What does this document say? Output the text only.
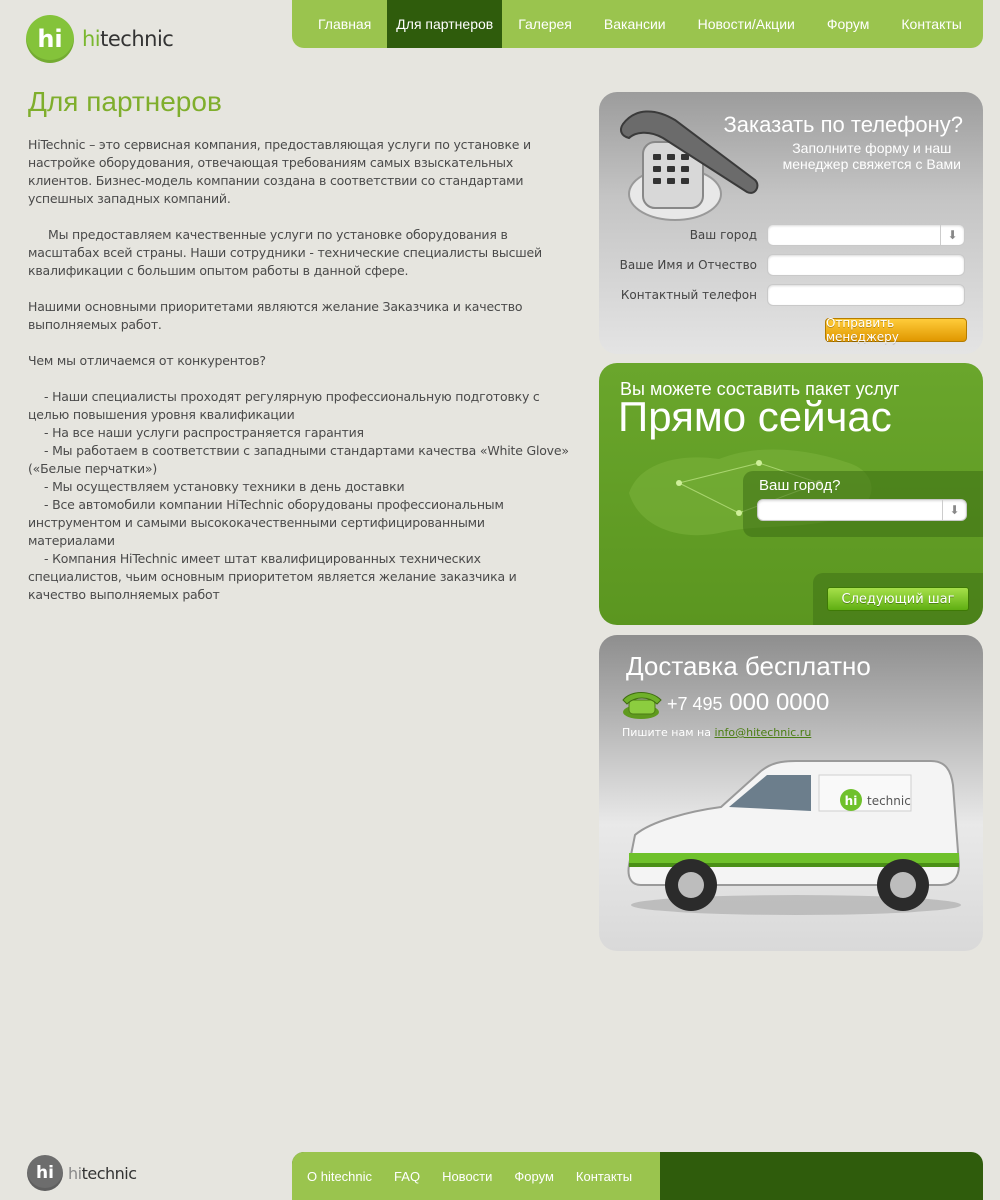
hi hitechnic
Главная	Для партнеров	Галерея	Вакансии	Новости/Акции	Форум	Контакты
Для партнеров

HiTechnic – это сервисная компания, предоставляющая услуги по установке и настройке оборудования, отвечающая требованиям самых взыскательных клиентов. Бизнес-модель компании создана в соответствии со стандартами успешных западных компаний.

Мы предоставляем качественные услуги по установке оборудования в масштабах всей страны. Наши сотрудники - технические специалисты высшей квалификации с большим опытом работы в данной сфере.

Нашими основными приоритетами являются желание Заказчика и качество выполняемых работ.

Чем мы отличаемся от конкурентов?

- Наши специалисты проходят регулярную профессиональную подготовку с целью повышения уровня квалификации
- На все наши услуги распространяется гарантия
- Мы работаем в соответствии с западными стандартами качества «White Glove» («Белые перчатки»)
- Мы осуществляем установку техники в день доставки
- Все автомобили компании HiTechnic оборудованы профессиональным инструментом и самыми высококачественными сертифицированными материалами
- Компания HiTechnic имеет штат квалифицированных технических специалистов, чьим основным приоритетом является желание заказчика и качество выполняемых работ
Заказать по телефону?
Заполните форму и наш
менеджер свяжется с Вами
Ваш город	⬇
Ваше Имя и Отчество
Контактный телефон
Отправить менеджеру
Вы можете составить пакет услуг
Прямо сейчас
Ваш город?
⬇
Следующий шаг
Доставка бесплатно
+7 495 000 0000
Пишите нам на info@hitechnic.ru
hi technic
hi hitechnic	О hitechnic FAQ Новости Форум Контакты
